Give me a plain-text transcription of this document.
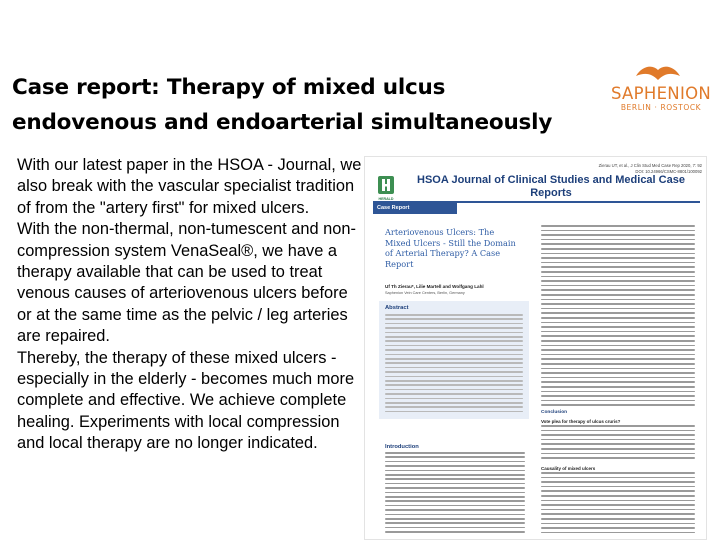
Case report: Therapy of mixed ulcus endovenous and endoarterial simultaneously
SAPHENION
BERLIN · ROSTOCK

With our latest paper in the HSOA - Journal, we also break with the vascular specialist tradition of from the "artery first" for mixed ulcers.

With the non-thermal, non-tumescent and non-compression system VenaSeal®, we have a therapy available that can be used to treat venous causes of arteriovenous ulcers before or at the same time as the pelvic / leg arteries are repaired.

Thereby, the therapy of these mixed ulcers - especially in the elderly - becomes much more complete and effective. We achieve complete healing. Experiments with local compression and local therapy are no longer indicated.

Zierau UT, et al., J Clin Stud Med Case Rep 2020, 7: 92
DOI: 10.24966/CSMC-8801/100092
HERALD
HSOA Journal of Clinical Studies and Medical Case Reports
Case Report
Arteriovenous Ulcers: The Mixed Ulcers - Still the Domain of Arterial Therapy? A Case Report
Uf Th Zierau*, Lilie Martell and Wolfgang Lahl
Saphenion Vein Care Centers, Berlin, Germany
Abstract
Introduction
Conclusion
Vote plea for therapy of ulcus cruris?
Causality of mixed ulcers
